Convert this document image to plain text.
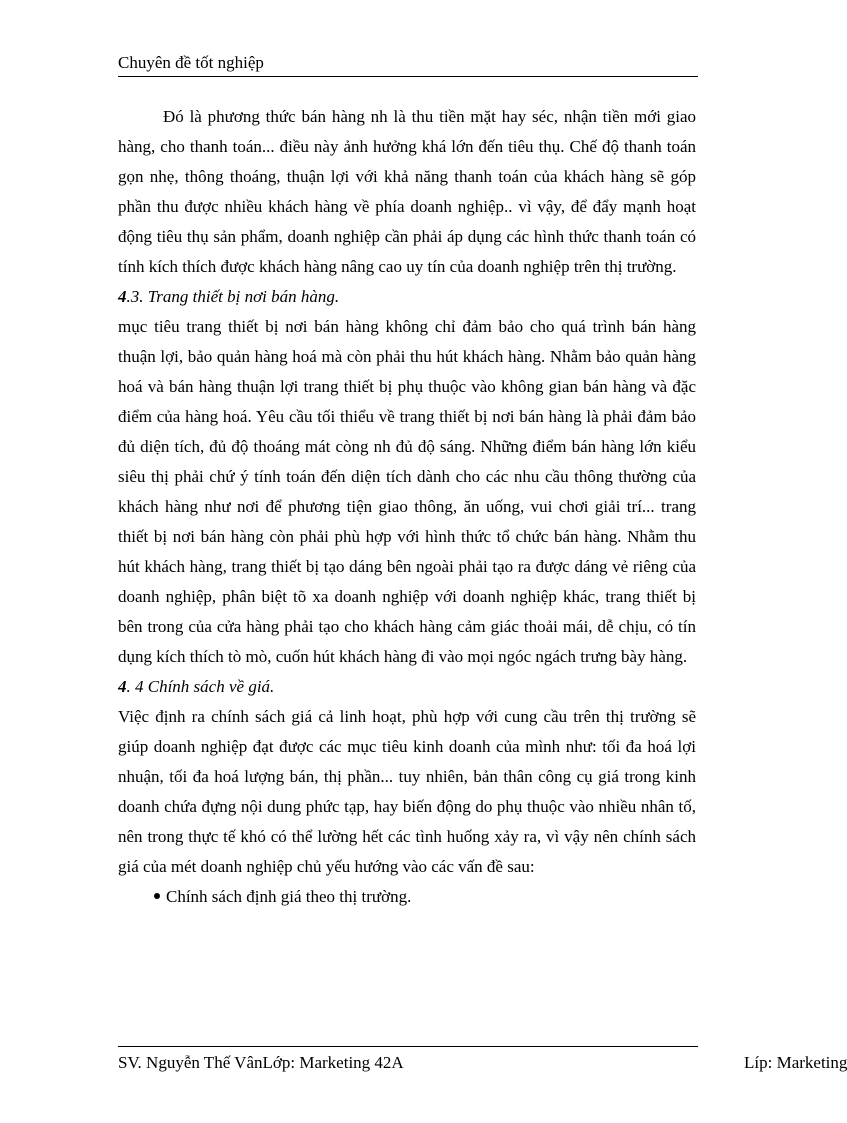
Chuyên đề tốt nghiệp

Đó là phương thức bán hàng nh là thu tiền mặt hay séc, nhận tiền mới giao hàng, cho thanh toán... điều này ảnh hưởng khá lớn đến tiêu thụ. Chế độ thanh toán gọn nhẹ, thông thoáng, thuận lợi với khả năng thanh toán của khách hàng sẽ góp phần thu được nhiều khách hàng về phía doanh nghiệp.. vì vậy, để đẩy mạnh hoạt động tiêu thụ sản phẩm, doanh nghiệp cần phải áp dụng các hình thức thanh toán có tính kích thích được khách hàng nâng cao uy tín của doanh nghiệp trên thị trường.

4.3. Trang thiết bị nơi bán hàng.

mục tiêu trang thiết bị nơi bán hàng không chỉ đảm bảo cho quá trình bán hàng thuận lợi, bảo quản hàng hoá mà còn phải thu hút khách hàng. Nhằm bảo quản hàng hoá và bán hàng thuận lợi trang thiết bị phụ thuộc vào không gian bán hàng và đặc điểm của hàng hoá. Yêu cầu tối thiểu về trang thiết bị nơi bán hàng là phải đảm bảo đủ diện tích, đủ độ thoáng mát còng nh đủ độ sáng. Những điểm bán hàng lớn kiểu siêu thị phải chứ ý tính toán đến diện tích dành cho các nhu cầu thông thường của khách hàng như nơi để phương tiện giao thông, ăn uống, vui chơi giải trí... trang thiết bị nơi bán hàng còn phải phù hợp với hình thức tổ chức bán hàng. Nhằm thu hút khách hàng, trang thiết bị tạo dáng bên ngoài phải tạo ra được dáng vẻ riêng của doanh nghiệp, phân biệt tõ xa doanh nghiệp với doanh nghiệp khác, trang thiết bị bên trong của cửa hàng phải tạo cho khách hàng cảm giác thoải mái, dễ chịu, có tín dụng kích thích tò mò, cuốn hút khách hàng đi vào mọi ngóc ngách trưng bày hàng.

4. 4 Chính sách về giá.

Việc định ra chính sách giá cả linh hoạt, phù hợp với cung cầu trên thị trường sẽ giúp doanh nghiệp đạt được các mục tiêu kinh doanh của mình như: tối đa hoá lợi nhuận, tối đa hoá lượng bán, thị phần... tuy nhiên, bản thân công cụ giá trong kinh doanh chứa đựng nội dung phức tạp, hay biến động do phụ thuộc vào nhiều nhân tố, nên trong thực tế khó có thể lường hết các tình huống xảy ra, vì vậy nên chính sách giá của mét doanh nghiệp chủ yếu hướng vào các vấn đề sau:

Chính sách định giá theo thị trường.

SV. Nguyễn Thế VânLớp: Marketing 42A	Líp: Marketing
